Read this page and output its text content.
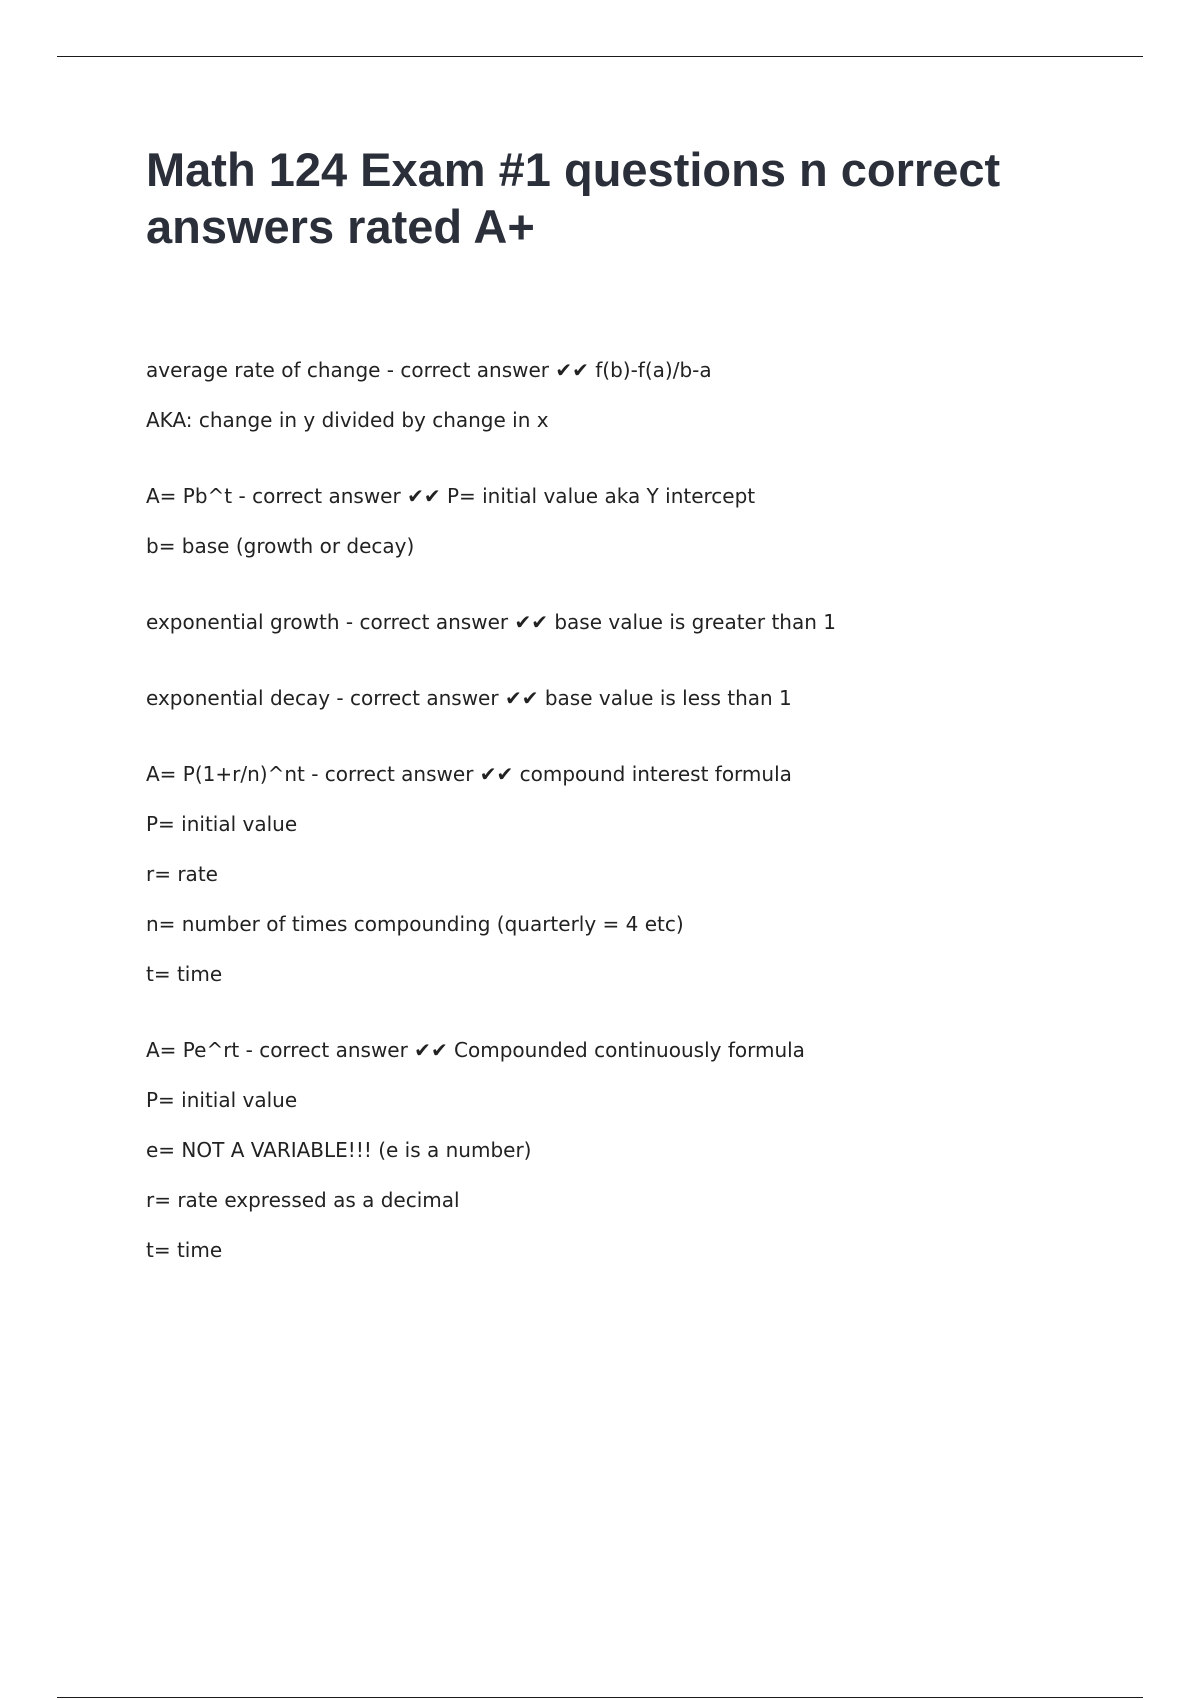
Math 124 Exam #1 questions n correct answers rated A+
average rate of change - correct answer ✔✔ f(b)-f(a)/b-a
AKA: change in y divided by change in x
A= Pb^t - correct answer ✔✔ P= initial value aka Y intercept
b= base (growth or decay)
exponential growth - correct answer ✔✔ base value is greater than 1
exponential decay - correct answer ✔✔ base value is less than 1
A= P(1+r/n)^nt - correct answer ✔✔ compound interest formula
P= initial value
r= rate
n= number of times compounding (quarterly = 4 etc)
t= time
A= Pe^rt - correct answer ✔✔ Compounded continuously formula
P= initial value
e= NOT A VARIABLE!!! (e is a number)
r= rate expressed as a decimal
t= time
